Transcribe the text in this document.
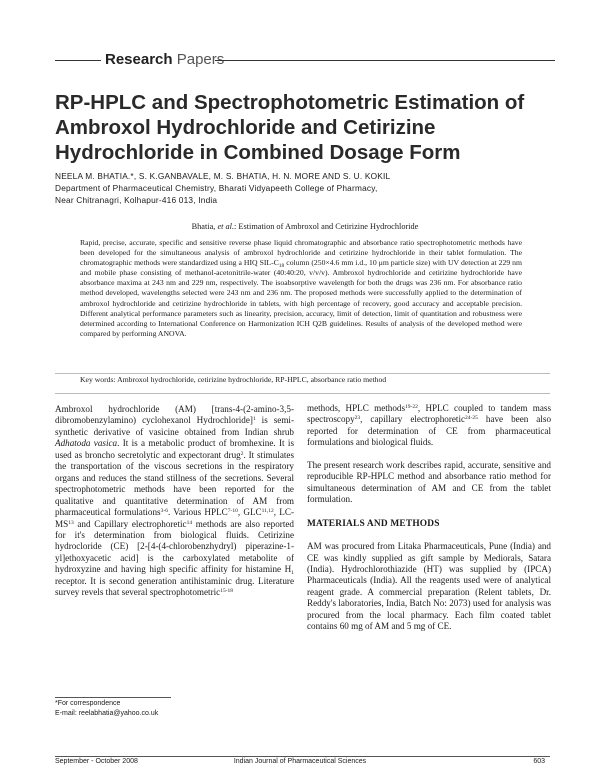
Research Papers
RP-HPLC and Spectrophotometric Estimation of Ambroxol Hydrochloride and Cetirizine Hydrochloride in Combined Dosage Form
NEELA M. BHATIA.*, S. K.GANBAVALE, M. S. BHATIA, H. N. MORE AND S. U. KOKIL
Department of Pharmaceutical Chemistry, Bharati Vidyapeeth College of Pharmacy,
Near Chitranagri, Kolhapur-416 013, India
Bhatia, et al.: Estimation of Ambroxol and Cetirizine Hydrochloride

Rapid, precise, accurate, specific and sensitive reverse phase liquid chromatographic and absorbance ratio spectrophotometric methods have been developed for the simultaneous analysis of ambroxol hydrochloride and cetirizine hydrochloride in their tablet formulation. The chromatographic methods were standardized using a HIQ SIL-$C_{18}$ column (250×4.6 mm i.d., 10 μm particle size) with UV detection at 229 nm and mobile phase consisting of methanol-acetonitrile-water (40:40:20, v/v/v). Ambroxol hydrochloride and cetirizine hydrochloride have absorbance maxima at 243 nm and 229 nm, respectively. The isoabsorptive wavelength for both the drugs was 236 nm. For absorbance ratio method developed, wavelengths selected were 243 nm and 236 nm. The proposed methods were successfully applied to the determination of ambroxol hydrochloride and cetirizine hydrochloride in tablets, with high percentage of recovery, good accuracy and acceptable precision. Different analytical performance parameters such as linearity, precision, accuracy, limit of detection, limit of quantitation and robustness were determined according to International Conference on Harmonization ICH Q2B guidelines. Results of analysis of the developed method were compared by performing ANOVA.

Key words: Ambroxol hydrochloride, cetirizine hydrochloride, RP-HPLC, absorbance ratio method

Ambroxol hydrochloride (AM) [trans-4-(2-amino-3,5-dibromobenzylamino) cyclohexanol Hydrochloride]$^1$ is semi-synthetic derivative of vasicine obtained from Indian shrub Adhatoda vasica. It is a metabolic product of bromhexine. It is used as broncho secretolytic and expectorant drug$^2$. It stimulates the transportation of the viscous secretions in the respiratory organs and reduces the stand stillness of the secretions. Several spectrophotometric methods have been reported for the qualitative and quantitative determination of AM from pharmaceutical formulations$^{3-6}$. Various HPLC$^{7-10}$, GLC$^{11,12}$, LC-MS$^{13}$ and Capillary electrophoretic$^{14}$ methods are also reported for it's determination from biological fluids. Cetirizine hydrocloride (CE) [2-[4-(4-chlorobenzhydryl) piperazine-1-yl]ethoxyacetic acid] is the carboxylated metabolite of hydroxyzine and having high specific affinity for histamine $H_1$ receptor. It is second generation antihistaminic drug. Literature survey revels that several spectrophotometric$^{15-18}$

methods, HPLC methods$^{19-22}$, HPLC coupled to tandem mass spectroscopy$^{23}$, capillary electrophoretic$^{24-25}$ have been also reported for determination of CE from pharmaceutical formulations and biological fluids.

The present research work describes rapid, accurate, sensitive and reproducible RP-HPLC method and absorbance ratio method for simultaneous determination of AM and CE from the tablet formulation.

MATERIALS AND METHODS

AM was procured from Litaka Pharmaceuticals, Pune (India) and CE was kindly supplied as gift sample by Mediorals, Satara (India). Hydrochlorothiazide (HT) was supplied by (IPCA) Pharmaceuticals (India). All the reagents used were of analytical reagent grade. A commercial preparation (Relent tablets, Dr. Reddy's laboratories, India, Batch No: 2073) used for analysis was procured from the local pharmacy. Each film coated tablet contains 60 mg of AM and 5 mg of CE.

*For correspondence
E-mail: reelabhatia@yahoo.co.uk
September - October 2008	Indian Journal of Pharmaceutical Sciences	603
